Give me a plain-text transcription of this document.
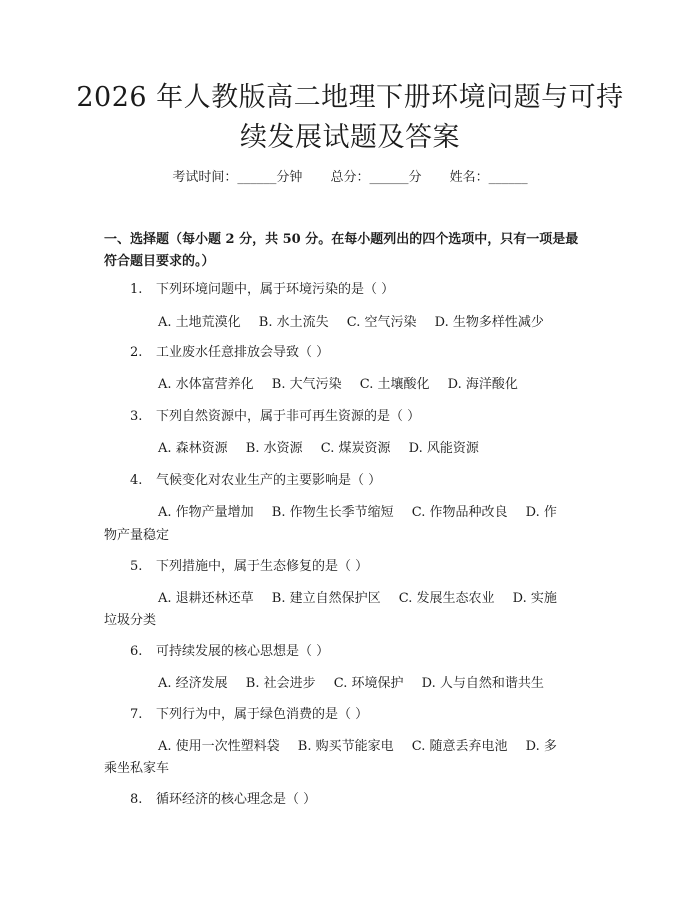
2026 年人教版高二地理下册环境问题与可持
续发展试题及答案
考试时间：______分钟 总分：______分 姓名：______
一、选择题（每小题 2 分，共 50 分。在每小题列出的四个选项中，只有一项是最
符合题目要求的。）
1. 下列环境问题中，属于环境污染的是（ ）
A. 土地荒漠化 B. 水土流失 C. 空气污染 D. 生物多样性减少
2. 工业废水任意排放会导致（ ）
A. 水体富营养化 B. 大气污染 C. 土壤酸化 D. 海洋酸化
3. 下列自然资源中，属于非可再生资源的是（ ）
A. 森林资源 B. 水资源 C. 煤炭资源 D. 风能资源
4. 气候变化对农业生产的主要影响是（ ）
A. 作物产量增加 B. 作物生长季节缩短 C. 作物品种改良 D. 作
物产量稳定
5. 下列措施中，属于生态修复的是（ ）
A. 退耕还林还草 B. 建立自然保护区 C. 发展生态农业 D. 实施
垃圾分类
6. 可持续发展的核心思想是（ ）
A. 经济发展 B. 社会进步 C. 环境保护 D. 人与自然和谐共生
7. 下列行为中，属于绿色消费的是（ ）
A. 使用一次性塑料袋 B. 购买节能家电 C. 随意丢弃电池 D. 多
乘坐私家车
8. 循环经济的核心理念是（ ）
